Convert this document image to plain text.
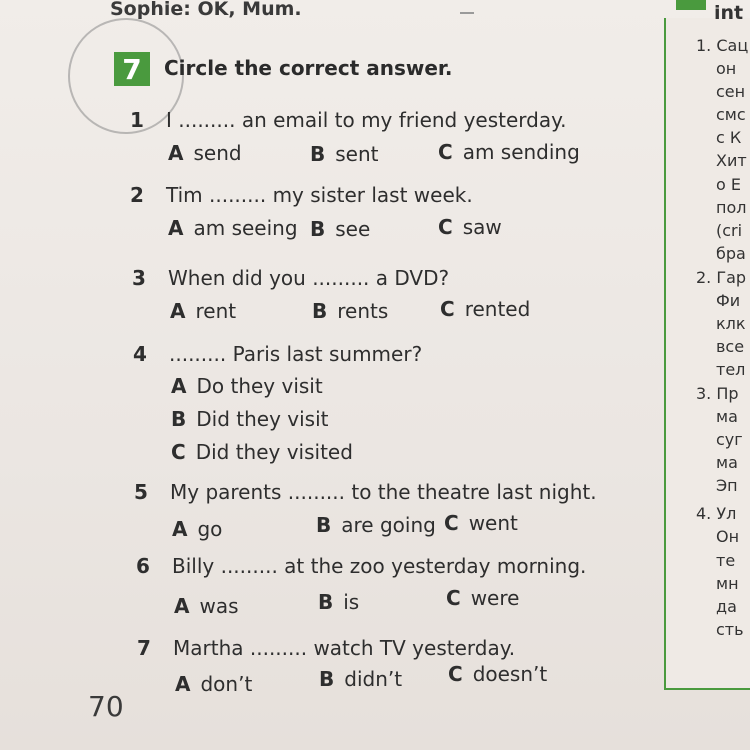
Sophie: OK, Mum.
7	Circle the correct answer.
1 I ......... an email to my friend yesterday.
A send	B sent	C am sending
2 Tim ......... my sister last week.
A am seeing B see	C saw
3 When did you ......... a DVD?
A rent	B rents	C rented
4 ......... Paris last summer?
A Do they visit
B Did they visit
C Did they visited
5 My parents ......... to the theatre last night.
A go	B are going C went
6 Billy ......... at the zoo yesterday morning.
A was	B is	C were
7 Martha ......... watch TV yesterday.
A don’t	B didn’t C doesn’t
int
1. Сац
он
сен
смс
с К
Хит
о Е
пол
(cri
бра
2. Гар
Фи
клк
все
тел
3. Пр
ма
суг
ма
Эп
4. Ул
Он
те
мн
да
сть
70
